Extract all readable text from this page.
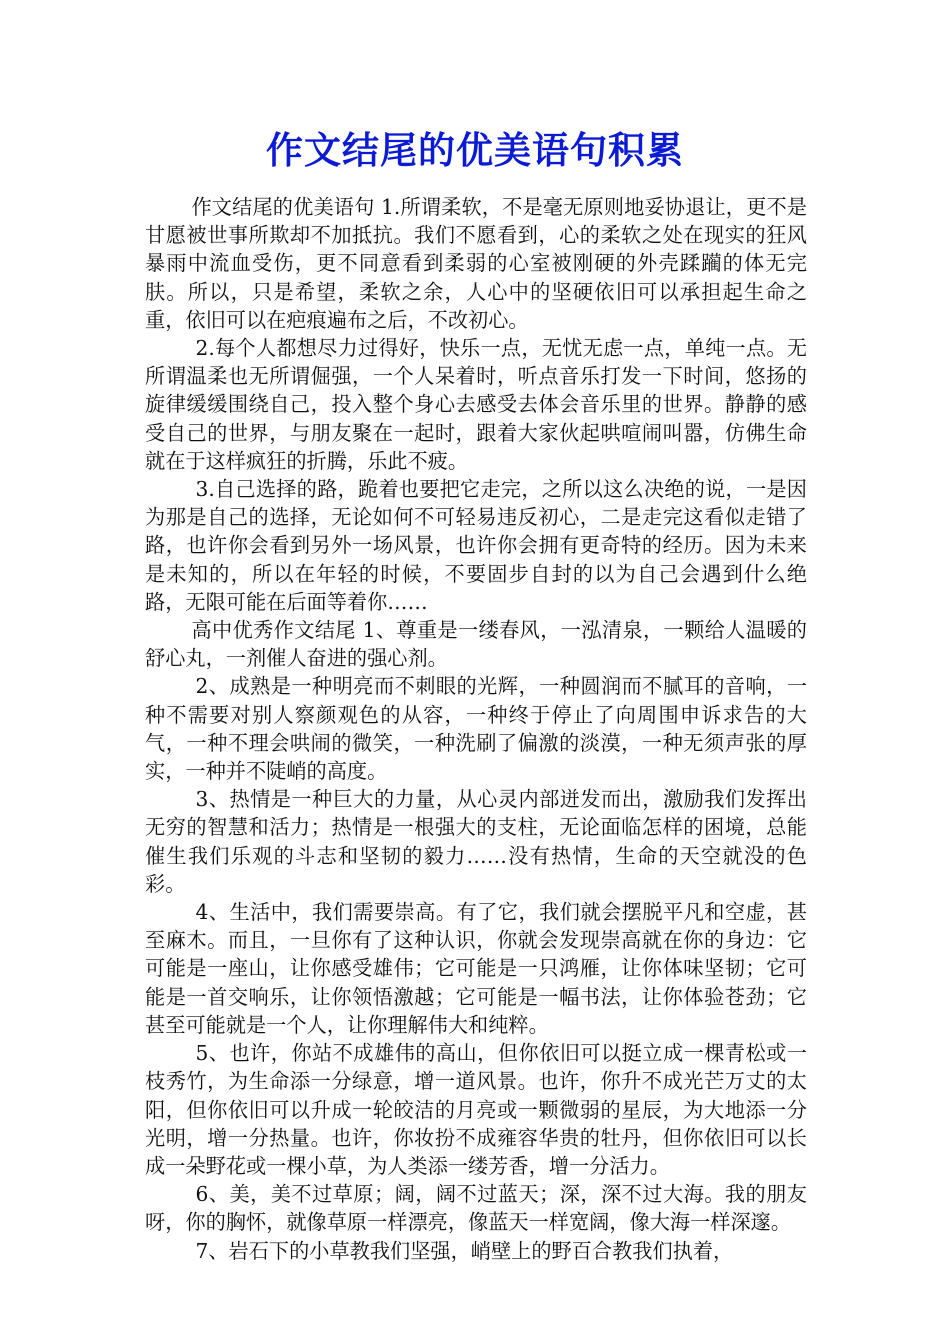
作文结尾的优美语句积累

作文结尾的优美语句 1.所谓柔软，不是毫无原则地妥协退让，更不是甘愿被世事所欺却不加抵抗。我们不愿看到，心的柔软之处在现实的狂风暴雨中流血受伤，更不同意看到柔弱的心室被刚硬的外壳蹂躏的体无完肤。所以，只是希望，柔软之余，人心中的坚硬依旧可以承担起生命之重，依旧可以在疤痕遍布之后，不改初心。

2.每个人都想尽力过得好，快乐一点，无忧无虑一点，单纯一点。无所谓温柔也无所谓倔强，一个人呆着时，听点音乐打发一下时间，悠扬的旋律缓缓围绕自己，投入整个身心去感受去体会音乐里的世界。静静的感受自己的世界，与朋友聚在一起时，跟着大家伙起哄喧闹叫嚣，仿佛生命就在于这样疯狂的折腾，乐此不疲。

3.自己选择的路，跪着也要把它走完，之所以这么决绝的说，一是因为那是自己的选择，无论如何不可轻易违反初心，二是走完这看似走错了路，也许你会看到另外一场风景，也许你会拥有更奇特的经历。因为未来是未知的，所以在年轻的时候，不要固步自封的以为自己会遇到什么绝路，无限可能在后面等着你……

高中优秀作文结尾 1、尊重是一缕春风，一泓清泉，一颗给人温暖的舒心丸，一剂催人奋进的强心剂。

2、成熟是一种明亮而不刺眼的光辉，一种圆润而不腻耳的音响，一种不需要对别人察颜观色的从容，一种终于停止了向周围申诉求告的大气，一种不理会哄闹的微笑，一种洗刷了偏激的淡漠，一种无须声张的厚实，一种并不陡峭的高度。

3、热情是一种巨大的力量，从心灵内部迸发而出，激励我们发挥出无穷的智慧和活力；热情是一根强大的支柱，无论面临怎样的困境，总能催生我们乐观的斗志和坚韧的毅力……没有热情，生命的天空就没的色彩。

4、生活中，我们需要崇高。有了它，我们就会摆脱平凡和空虚，甚至麻木。而且，一旦你有了这种认识，你就会发现崇高就在你的身边：它可能是一座山，让你感受雄伟；它可能是一只鸿雁，让你体味坚韧；它可能是一首交响乐，让你领悟激越；它可能是一幅书法，让你体验苍劲；它甚至可能就是一个人，让你理解伟大和纯粹。

5、也许，你站不成雄伟的高山，但你依旧可以挺立成一棵青松或一枝秀竹，为生命添一分绿意，增一道风景。也许，你升不成光芒万丈的太阳，但你依旧可以升成一轮皎洁的月亮或一颗微弱的星辰，为大地添一分光明，增一分热量。也许，你妆扮不成雍容华贵的牡丹，但你依旧可以长成一朵野花或一棵小草，为人类添一缕芳香，增一分活力。

6、美，美不过草原；阔，阔不过蓝天；深，深不过大海。我的朋友呀，你的胸怀，就像草原一样漂亮，像蓝天一样宽阔，像大海一样深邃。

7、岩石下的小草教我们坚强，峭壁上的野百合教我们执着，
